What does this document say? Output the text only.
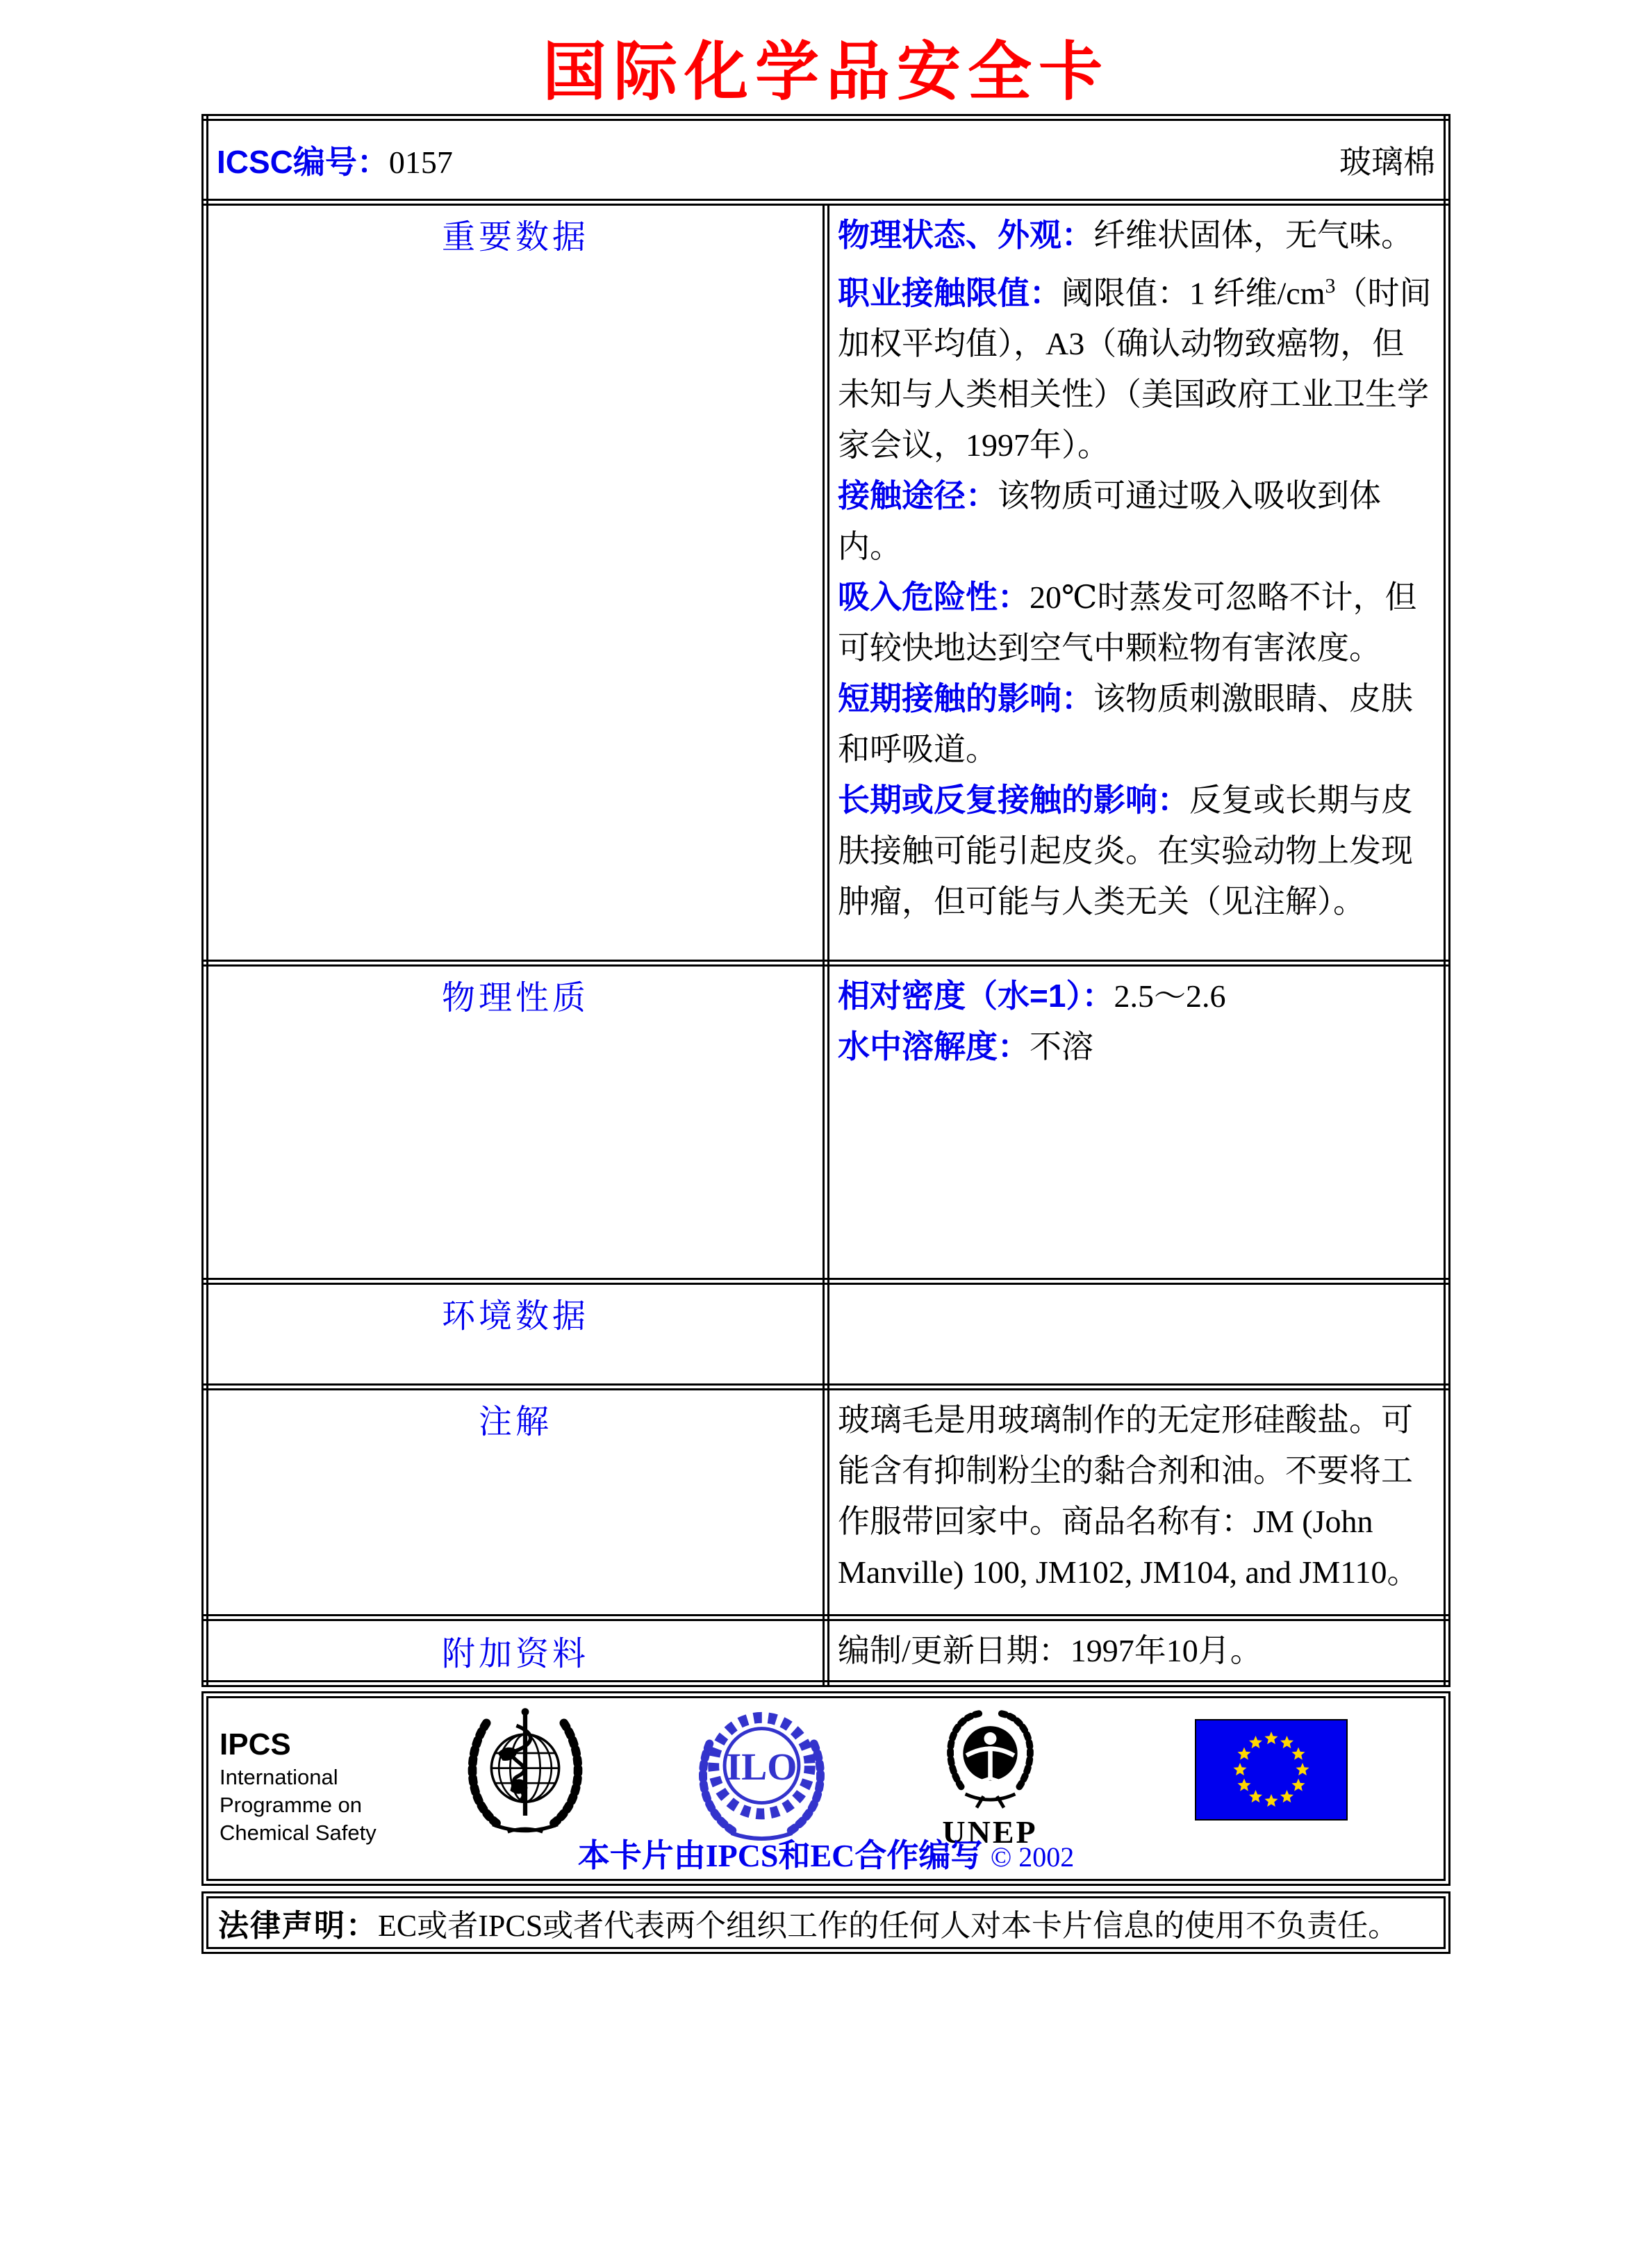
国际化学品安全卡
ICSC编号：0157 玻璃棉	

重要数据	物理状态、外观：纤维状固体，无气味。

职业接触限值：阈限值：1 纤维$/cm^3$（时间加权平均值），A3（确认动物致癌物，但未知与人类相关性）（美国政府工业卫生学家会议，1997年）。

接触途径：该物质可通过吸入吸收到体内。

吸入危险性：20℃时蒸发可忽略不计，但可较快地达到空气中颗粒物有害浓度。

短期接触的影响：该物质刺激眼睛、皮肤和呼吸道。

长期或反复接触的影响：反复或长期与皮肤接触可能引起皮炎。在实验动物上发现肿瘤，但可能与人类无关（见注解）。

物理性质	相对密度（水=1）：2.5～2.6

水中溶解度：不溶

环境数据	

注解	玻璃毛是用玻璃制作的无定形硅酸盐。可能含有抑制粉尘的黏合剂和油。不要将工作服带回家中。商品名称有：JM (John Manville) 100, JM102, JM104, and JM110。

附加资料	编制/更新日期：1997年10月。

IPCS
International
Programme on
Chemical Safety
ILO
UNEP
本卡片由IPCS和EC合作编写 © 2002
法律声明： EC或者IPCS或者代表两个组织工作的任何人对本卡片信息的使用不负责任。
